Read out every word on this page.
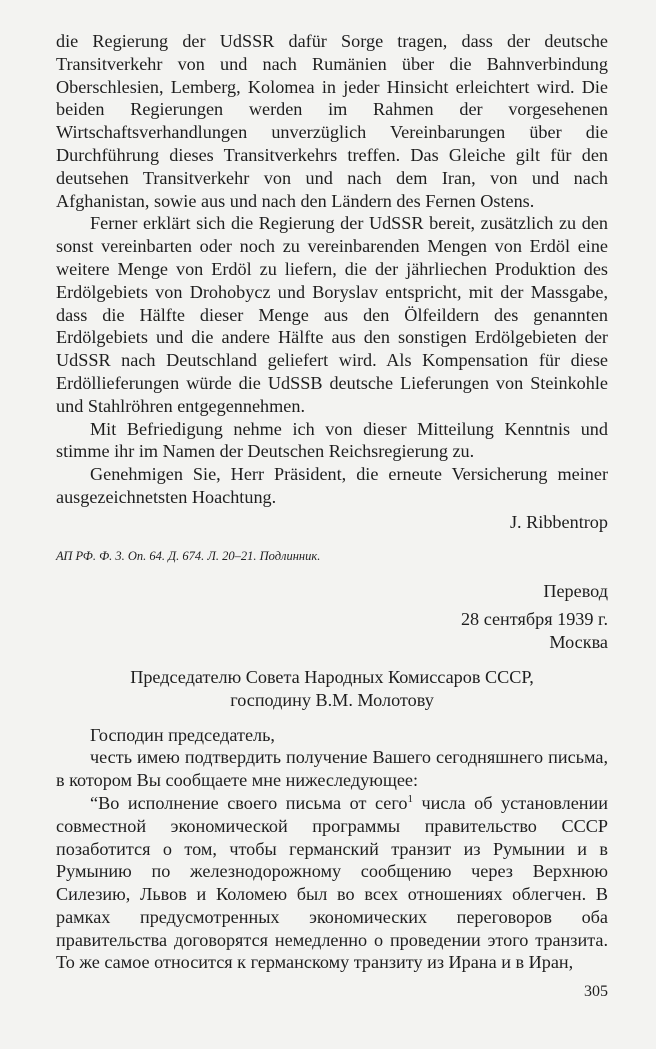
die Regierung der UdSSR dafür Sorge tragen, dass der deutsche Transitverkehr von und nach Rumänien über die Bahnverbindung Oberschlesien, Lemberg, Kolomea in jeder Hinsicht erleichtert wird. Die beiden Regierungen werden im Rahmen der vorgesehenen Wirtschaftsverhandlungen unverzüglich Vereinbarungen über die Durchführung dieses Transitverkehrs treffen. Das Gleiche gilt für den deutsehen Transitverkehr von und nach dem Iran, von und nach Afghanistan, sowie aus und nach den Ländern des Fernen Ostens.

Ferner erklärt sich die Regierung der UdSSR bereit, zusätzlich zu den sonst vereinbarten oder noch zu vereinbarenden Mengen von Erdöl eine weitere Menge von Erdöl zu liefern, die der jährliechen Produktion des Erdölgebiets von Drohobycz und Boryslav entspricht, mit der Massgabe, dass die Hälfte dieser Menge aus den Ölfeildern des genannten Erdölgebiets und die andere Hälfte aus den sonstigen Erdölgebieten der UdSSR nach Deutschland geliefert wird. Als Kompensation für diese Erdöllieferungen würde die UdSSB deutsche Lieferungen von Steinkohle und Stahlröhren entgegennehmen.

Mit Befriedigung nehme ich von dieser Mitteilung Kenntnis und stimme ihr im Namen der Deutschen Reichsregierung zu.

Genehmigen Sie, Herr Präsident, die erneute Versicherung meiner ausgezeichnetsten Hoachtung.

J. Ribbentrop

АП РФ. Ф. 3. Оп. 64. Д. 674. Л. 20–21. Подлинник.

Перевод

28 сентября 1939 г.

Москва

Председателю Совета Народных Комиссаров СССР,
господину В.М. Молотову

Господин председатель,

честь имею подтвердить получение Вашего сегодняшнего письма, в котором Вы сообщаете мне нижеследующее:

“Во исполнение своего письма от сего$^1$ числа об установлении совместной экономической программы правительство СССР позаботится о том, чтобы германский транзит из Румынии и в Румынию по железнодорожному сообщению через Верхнюю Силезию, Львов и Коломею был во всех отношениях облегчен. В рамках предусмотренных экономических переговоров оба правительства договорятся немедленно о проведении этого транзита. То же самое относится к германскому транзиту из Ирана и в Иран,

305
